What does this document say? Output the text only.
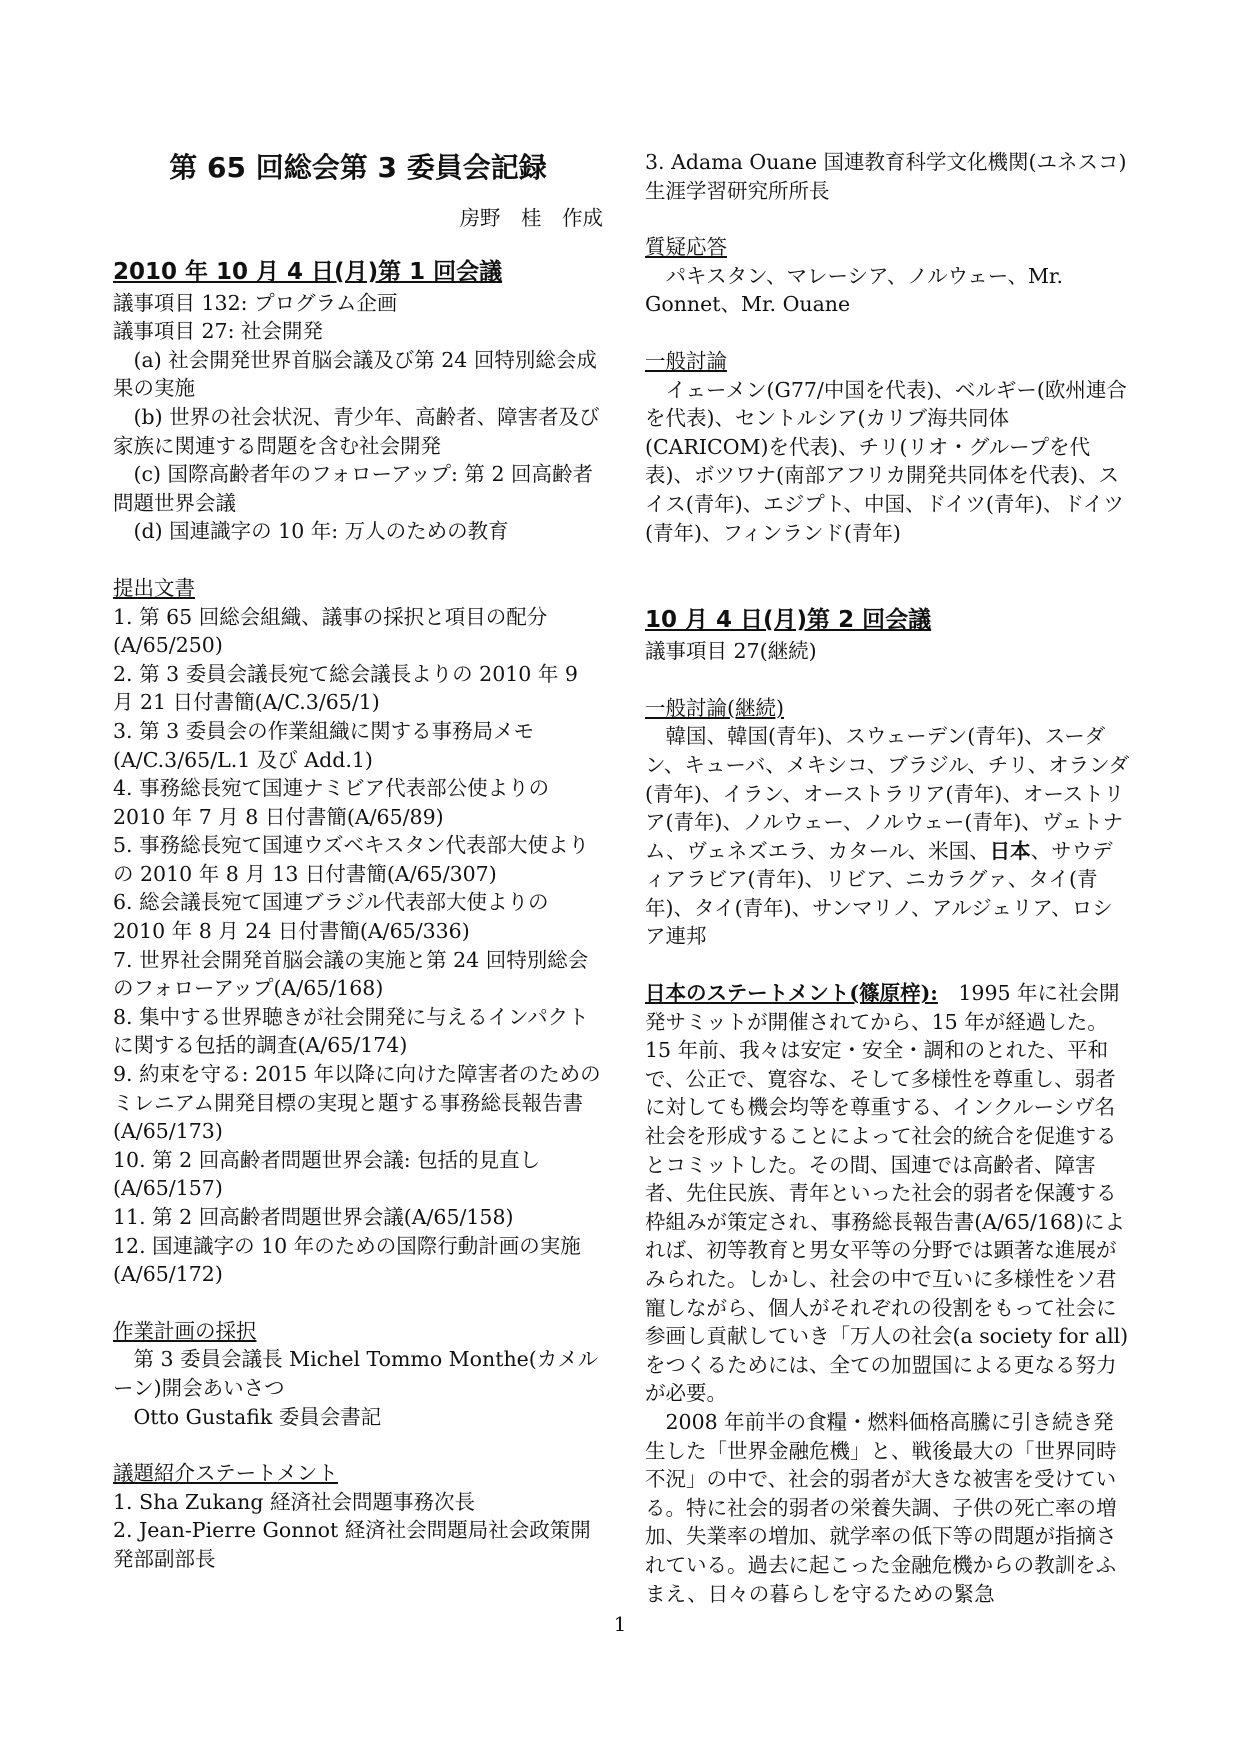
第 65 回総会第 3 委員会記録

房野　桂　作成

2010 年 10 月 4 日(月)第 1 回会議

議事項目 132: プログラム企画

議事項目 27: 社会開発

(a) 社会開発世界首脳会議及び第 24 回特別総会成果の実施

(b) 世界の社会状況、青少年、高齢者、障害者及び家族に関連する問題を含む社会開発

(c) 国際高齢者年のフォローアップ: 第 2 回高齢者問題世界会議

(d) 国連識字の 10 年: 万人のための教育

提出文書

1. 第 65 回総会組織、議事の採択と項目の配分(A/65/250)

2. 第 3 委員会議長宛て総会議長よりの 2010 年 9 月 21 日付書簡(A/C.3/65/1)

3. 第 3 委員会の作業組織に関する事務局メモ(A/C.3/65/L.1 及び Add.1)

4. 事務総長宛て国連ナミビア代表部公使よりの 2010 年 7 月 8 日付書簡(A/65/89)

5. 事務総長宛て国連ウズベキスタン代表部大使よりの 2010 年 8 月 13 日付書簡(A/65/307)

6. 総会議長宛て国連ブラジル代表部大使よりの 2010 年 8 月 24 日付書簡(A/65/336)

7. 世界社会開発首脳会議の実施と第 24 回特別総会のフォローアップ(A/65/168)

8. 集中する世界聴きが社会開発に与えるインパクトに関する包括的調査(A/65/174)

9. 約束を守る: 2015 年以降に向けた障害者のためのミレニアム開発目標の実現と題する事務総長報告書(A/65/173)

10. 第 2 回高齢者問題世界会議: 包括的見直し(A/65/157)

11. 第 2 回高齢者問題世界会議(A/65/158)

12. 国連識字の 10 年のための国際行動計画の実施(A/65/172)

作業計画の採択

第 3 委員会議長 Michel Tommo Monthe(カメルーン)開会あいさつ

Otto Gustafik 委員会書記

議題紹介ステートメント

1. Sha Zukang 経済社会問題事務次長

2. Jean-Pierre Gonnot 経済社会問題局社会政策開発部副部長

3. Adama Ouane 国連教育科学文化機関(ユネスコ)生涯学習研究所所長

質疑応答

パキスタン、マレーシア、ノルウェー、Mr. Gonnet、Mr. Ouane

一般討論

イェーメン(G77/中国を代表)、ベルギー(欧州連合を代表)、セントルシア(カリブ海共同体(CARICOM)を代表)、チリ(リオ・グループを代表)、ボツワナ(南部アフリカ開発共同体を代表)、スイス(青年)、エジプト、中国、ドイツ(青年)、ドイツ(青年)、フィンランド(青年)

10 月 4 日(月)第 2 回会議

議事項目 27(継続)

一般討論(継続)

韓国、韓国(青年)、スウェーデン(青年)、スーダン、キューバ、メキシコ、ブラジル、チリ、オランダ(青年)、イラン、オーストラリア(青年)、オーストリア(青年)、ノルウェー、ノルウェー(青年)、ヴェトナム、ヴェネズエラ、カタール、米国、日本、サウディアラビア(青年)、リビア、ニカラグァ、タイ(青年)、タイ(青年)、サンマリノ、アルジェリア、ロシア連邦

日本のステートメント(篠原梓):　1995 年に社会開発サミットが開催されてから、15 年が経過した。15 年前、我々は安定・安全・調和のとれた、平和で、公正で、寛容な、そして多様性を尊重し、弱者に対しても機会均等を尊重する、インクルーシヴ名社会を形成することによって社会的統合を促進するとコミットした。その間、国連では高齢者、障害者、先住民族、青年といった社会的弱者を保護する枠組みが策定され、事務総長報告書(A/65/168)によれば、初等教育と男女平等の分野では顕著な進展がみられた。しかし、社会の中で互いに多様性をソ君寵しながら、個人がそれぞれの役割をもって社会に参画し貢献していき「万人の社会(a society for all)をつくるためには、全ての加盟国による更なる努力が必要。

2008 年前半の食糧・燃料価格高騰に引き続き発生した「世界金融危機」と、戦後最大の「世界同時不況」の中で、社会的弱者が大きな被害を受けている。特に社会的弱者の栄養失調、子供の死亡率の増加、失業率の増加、就学率の低下等の問題が指摘されている。過去に起こった金融危機からの教訓をふまえ、日々の暮らしを守るための緊急

1
